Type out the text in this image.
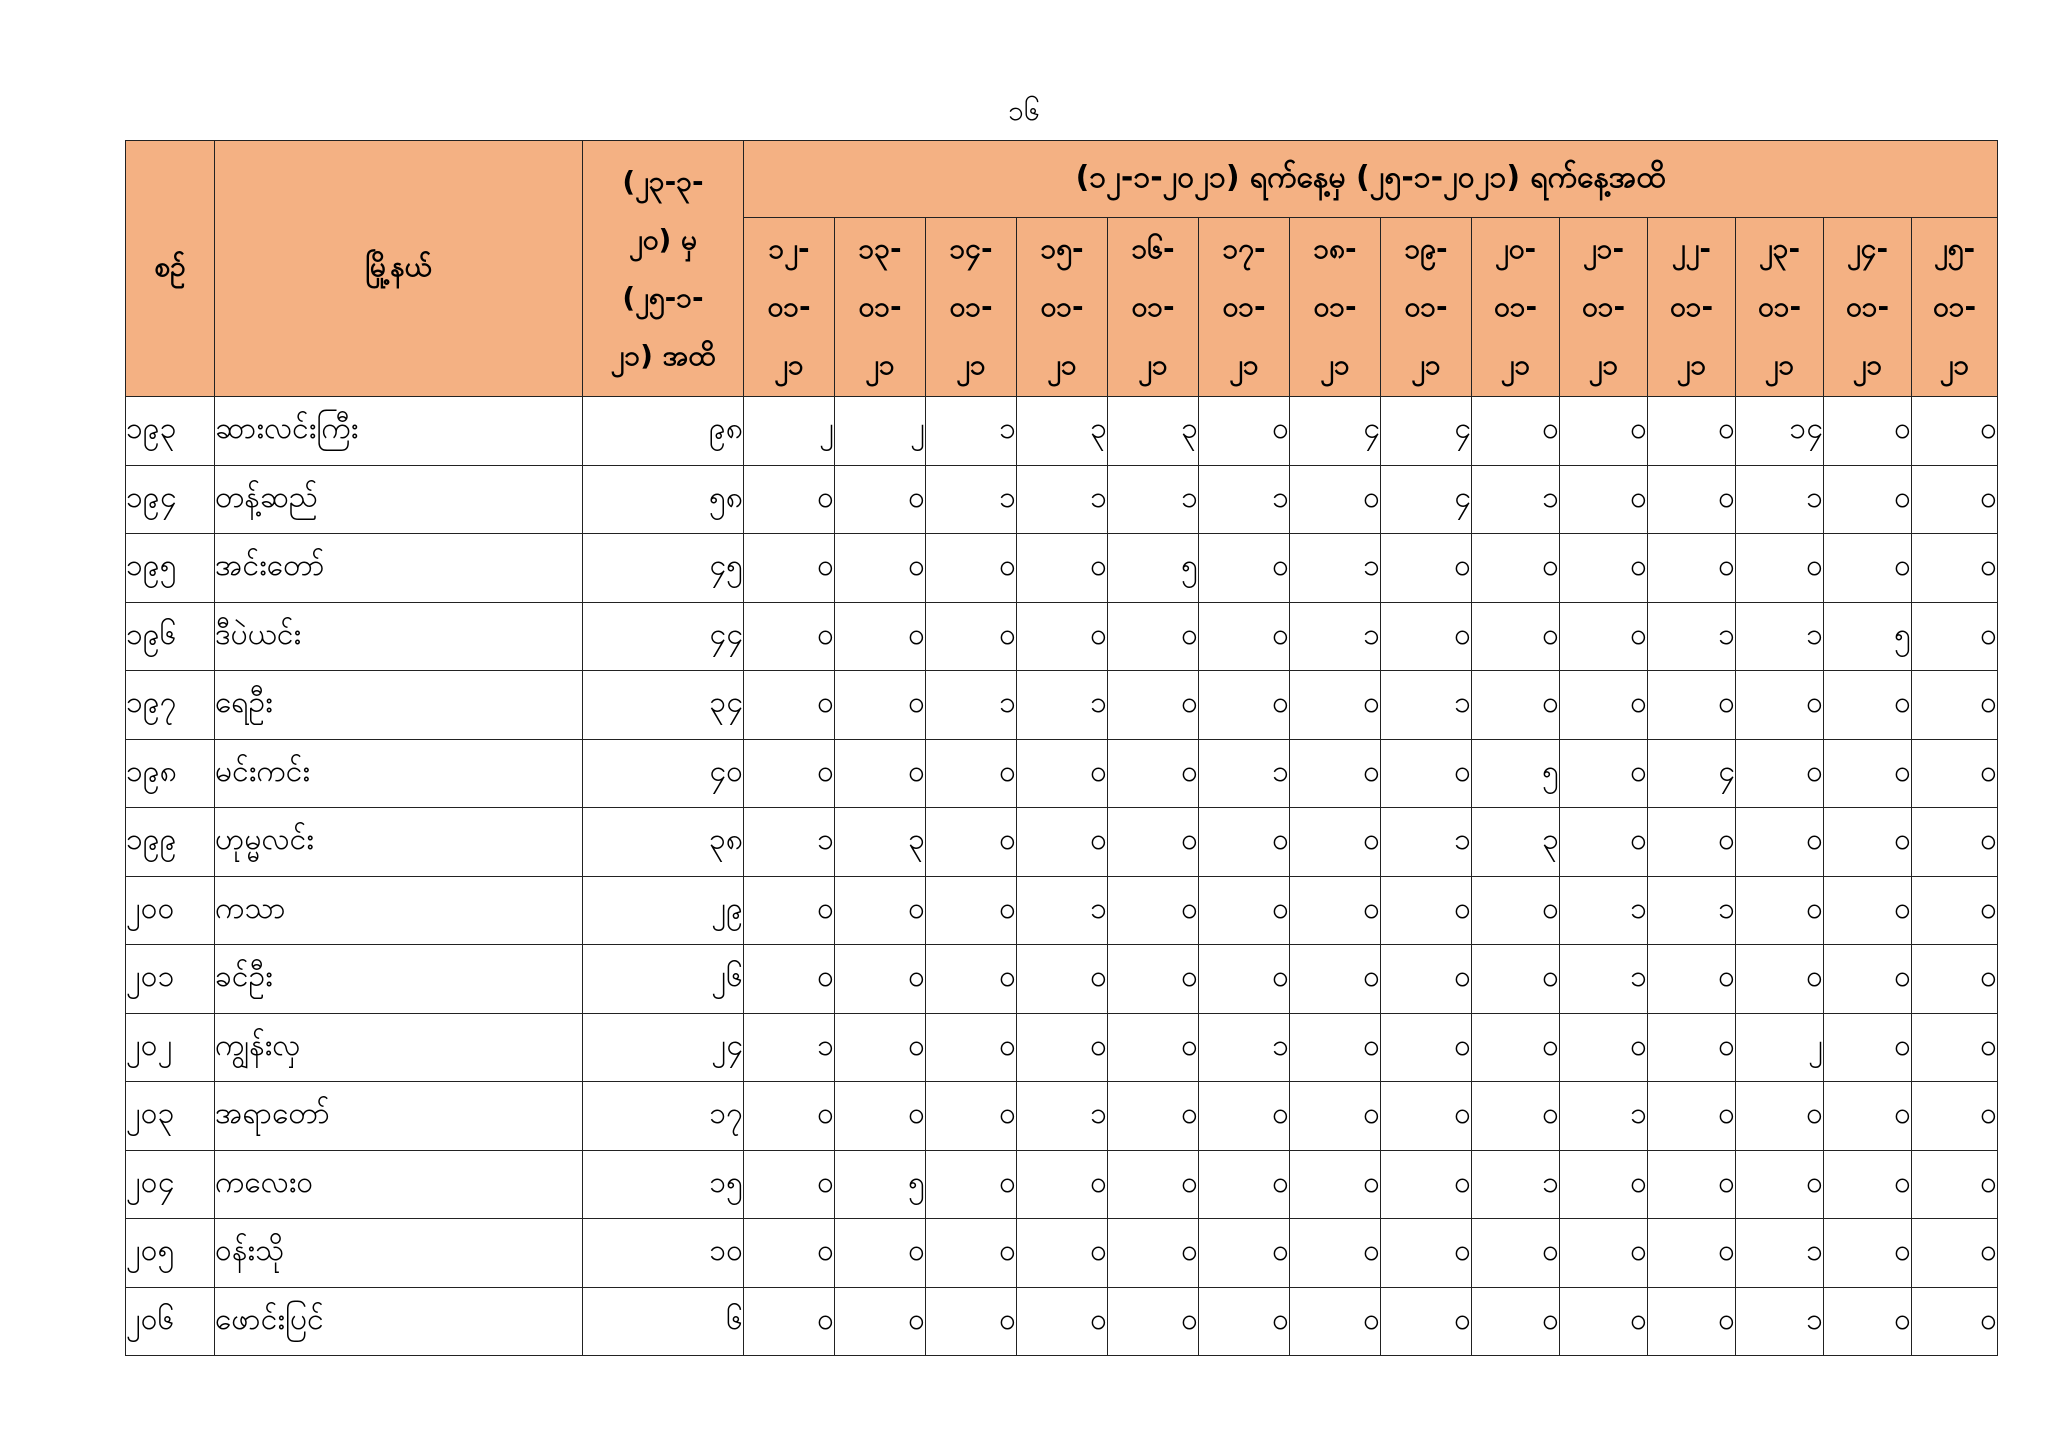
၁၆
စဉ်	မြို့နယ်	(၂၃-၃-
၂၀) မှ
(၂၅-၁-
၂၁) အထိ	(၁၂-၁-၂၀၂၁) ရက်နေ့မှ (၂၅-၁-၂၀၂၁) ရက်နေ့အထိ													

			၁၂-
၀၁-
၂၁	၁၃-
၀၁-
၂၁	၁၄-
၀၁-
၂၁	၁၅-
၀၁-
၂၁	၁၆-
၀၁-
၂၁	၁၇-
၀၁-
၂၁	၁၈-
၀၁-
၂၁	၁၉-
၀၁-
၂၁	၂၀-
၀၁-
၂၁	၂၁-
၀၁-
၂၁	၂၂-
၀၁-
၂၁	၂၃-
၀၁-
၂၁	၂၄-
၀၁-
၂၁	၂၅-
၀၁-
၂၁

၁၉၃	ဆားလင်းကြီး	၉၈	၂	၂	၁	၃	၃	၀	၄	၄	၀	၀	၀	၁၄	၀	၀
၁၉၄	တန့်ဆည်	၅၈	၀	၀	၁	၁	၁	၁	၀	၄	၁	၀	၀	၁	၀	၀
၁၉၅	အင်းတော်	၄၅	၀	၀	၀	၀	၅	၀	၁	၀	၀	၀	၀	၀	၀	၀
၁၉၆	ဒီပဲယင်း	၄၄	၀	၀	၀	၀	၀	၀	၁	၀	၀	၀	၁	၁	၅	၀
၁၉၇	ရေဦး	၃၄	၀	၀	၁	၁	၀	၀	၀	၁	၀	၀	၀	၀	၀	၀
၁၉၈	မင်းကင်း	၄၀	၀	၀	၀	၀	၀	၁	၀	၀	၅	၀	၄	၀	၀	၀
၁၉၉	ဟုမ္မလင်း	၃၈	၁	၃	၀	၀	၀	၀	၀	၁	၃	၀	၀	၀	၀	၀
၂၀၀	ကသာ	၂၉	၀	၀	၀	၁	၀	၀	၀	၀	၀	၁	၁	၀	၀	၀
၂၀၁	ခင်ဦး	၂၆	၀	၀	၀	၀	၀	၀	၀	၀	၀	၁	၀	၀	၀	၀
၂၀၂	ကျွန်းလှ	၂၄	၁	၀	၀	၀	၀	၁	၀	၀	၀	၀	၀	၂	၀	၀
၂၀၃	အရာတော်	၁၇	၀	၀	၀	၁	၀	၀	၀	၀	၀	၁	၀	၀	၀	၀
၂၀၄	ကလေးဝ	၁၅	၀	၅	၀	၀	၀	၀	၀	၀	၁	၀	၀	၀	၀	၀
၂၀၅	ဝန်းသို	၁၀	၀	၀	၀	၀	၀	၀	၀	၀	၀	၀	၀	၁	၀	၀
၂၀၆	ဖောင်းပြင်	၆	၀	၀	၀	၀	၀	၀	၀	၀	၀	၀	၀	၁	၀	၀
